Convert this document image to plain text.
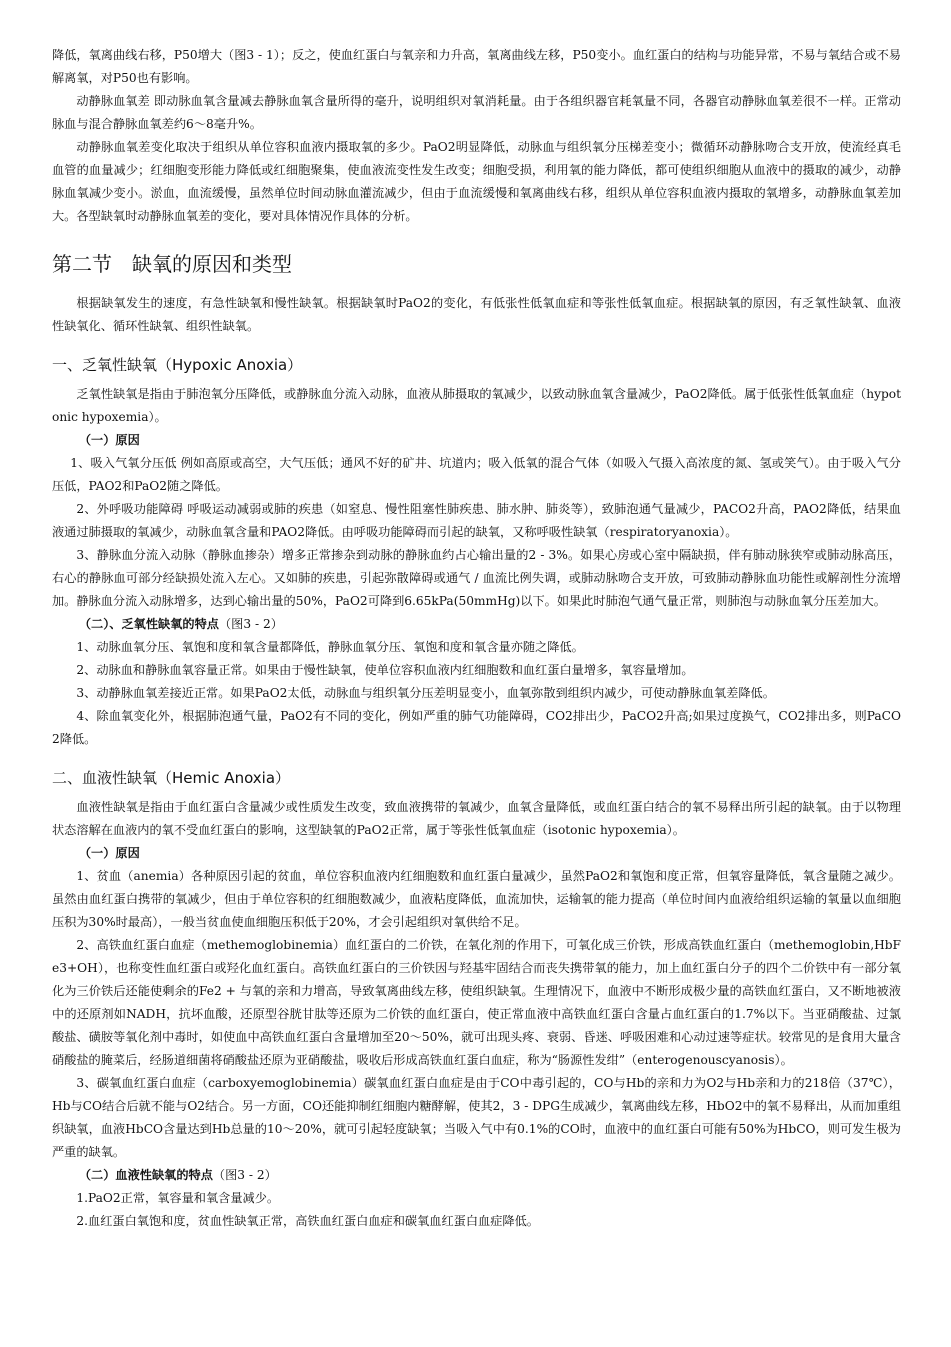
降低，氧离曲线右移，P50增大（图3 - 1）；反之，使血红蛋白与氧亲和力升高，氧离曲线左移，P50变小。血红蛋白的结构与功能异常，不易与氧结合或不易解离氧，对P50也有影响。

动静脉血氧差 即动脉血氧含量减去静脉血氧含量所得的毫升，说明组织对氧消耗量。由于各组织器官耗氧量不同，各器官动静脉血氧差很不一样。正常动脉血与混合静脉血氧差约6～8毫升%。

动静脉血氧差变化取决于组织从单位容积血液内摄取氧的多少。PaO2明显降低，动脉血与组织氧分压梯差变小；微循环动静脉吻合支开放，使流经真毛血管的血量减少；红细胞变形能力降低或红细胞聚集，使血液流变性发生改变；细胞受损，利用氧的能力降低，都可使组织细胞从血液中的摄取的减少，动静脉血氧减少变小。淤血，血流缓慢，虽然单位时间动脉血灌流减少，但由于血流缓慢和氧离曲线右移，组织从单位容积血液内摄取的氧增多，动静脉血氧差加大。各型缺氧时动静脉血氧差的变化，要对具体情况作具体的分析。

第二节　缺氧的原因和类型

根据缺氧发生的速度，有急性缺氧和慢性缺氧。根据缺氧时PaO2的变化，有低张性低氧血症和等张性低氧血症。根据缺氧的原因，有乏氧性缺氧、血液性缺氧化、循环性缺氧、组织性缺氧。

一、乏氧性缺氧（Hypoxic Anoxia）

乏氧性缺氧是指由于肺泡氧分压降低，或静脉血分流入动脉，血液从肺摄取的氧减少，以致动脉血氧含量减少，PaO2降低。属于低张性低氧血症（hypotonic hypoxemia）。

（一）原因

1、吸入气氧分压低 例如高原或高空，大气压低；通风不好的矿井、坑道内；吸入低氧的混合气体（如吸入气摄入高浓度的氮、氢或笑气）。由于吸入气分压低，PAO2和PaO2随之降低。

2、外呼吸功能障碍 呼吸运动减弱或肺的疾患（如窒息、慢性阻塞性肺疾患、肺水肿、肺炎等），致肺泡通气量减少，PACO2升高，PAO2降低，结果血液通过肺摄取的氧减少，动脉血氧含量和PAO2降低。由呼吸功能障碍而引起的缺氧，又称呼吸性缺氧（respiratoryanoxia）。

3、静脉血分流入动脉（静脉血掺杂）增多正常掺杂到动脉的静脉血约占心输出量的2 - 3%。如果心房或心室中隔缺损，伴有肺动脉狭窄或肺动脉高压，右心的静脉血可部分经缺损处流入左心。又如肺的疾患，引起弥散障碍或通气 / 血流比例失调，或肺动脉吻合支开放，可致肺动静脉血功能性或解剖性分流增加。静脉血分流入动脉增多，达到心输出量的50%，PaO2可降到6.65kPa(50mmHg)以下。如果此时肺泡气通气量正常，则肺泡与动脉血氧分压差加大。

（二）、乏氧性缺氧的特点（图3 - 2）

1、动脉血氧分压、氧饱和度和氧含量都降低，静脉血氧分压、氧饱和度和氧含量亦随之降低。

2、动脉血和静脉血氧容量正常。如果由于慢性缺氧，使单位容积血液内红细胞数和血红蛋白量增多，氧容量增加。

3、动静脉血氧差接近正常。如果PaO2太低，动脉血与组织氧分压差明显变小，血氧弥散到组织内减少，可使动静脉血氧差降低。

4、除血氧变化外，根据肺泡通气量，PaO2有不同的变化，例如严重的肺气功能障碍，CO2排出少，PaCO2升高;如果过度换气，CO2排出多，则PaCO2降低。

二、血液性缺氧（Hemic Anoxia）

血液性缺氧是指由于血红蛋白含量减少或性质发生改变，致血液携带的氧减少，血氧含量降低，或血红蛋白结合的氧不易释出所引起的缺氧。由于以物理状态溶解在血液内的氧不受血红蛋白的影响，这型缺氧的PaO2正常，属于等张性低氧血症（isotonic hypoxemia）。

（一）原因

1、贫血（anemia）各种原因引起的贫血，单位容积血液内红细胞数和血红蛋白量减少，虽然PaO2和氧饱和度正常，但氧容量降低，氧含量随之减少。虽然由血红蛋白携带的氧减少，但由于单位容积的红细胞数减少，血液粘度降低，血流加快，运输氧的能力提高（单位时间内血液给组织运输的氧量以血细胞压积为30%时最高），一般当贫血使血细胞压积低于20%，才会引起组织对氧供给不足。

2、高铁血红蛋白血症（methemoglobinemia）血红蛋白的二价铁，在氧化剂的作用下，可氧化成三价铁，形成高铁血红蛋白（methemoglobin,HbFe3+OH），也称变性血红蛋白或羟化血红蛋白。高铁血红蛋白的三价铁因与羟基牢固结合而丧失携带氧的能力，加上血红蛋白分子的四个二价铁中有一部分氧化为三价铁后还能使剩余的Fe2 + 与氧的亲和力增高，导致氧离曲线左移，使组织缺氧。生理情况下，血液中不断形成极少量的高铁血红蛋白，又不断地被液中的还原剂如NADH，抗坏血酸，还原型谷胱甘肽等还原为二价铁的血红蛋白，使正常血液中高铁血红蛋白含量占血红蛋白的1.7%以下。当亚硝酸盐、过氯酸盐、磺胺等氧化剂中毒时，如使血中高铁血红蛋白含量增加至20～50%，就可出现头疼、衰弱、昏迷、呼吸困难和心动过速等症状。较常见的是食用大量含硝酸盐的腌菜后，经肠道细菌将硝酸盐还原为亚硝酸盐，吸收后形成高铁血红蛋白血症，称为“肠源性发绀”（enterogenouscyanosis）。

3、碳氧血红蛋白血症（carboxyemoglobinemia）碳氧血红蛋白血症是由于CO中毒引起的，CO与Hb的亲和力为O2与Hb亲和力的218倍（37℃），Hb与CO结合后就不能与O2结合。另一方面，CO还能抑制红细胞内糖酵解，使其2，3 - DPG生成减少，氧离曲线左移，HbO2中的氧不易释出，从而加重组织缺氧，血液HbCO含量达到Hb总量的10～20%，就可引起轻度缺氧；当吸入气中有0.1%的CO时，血液中的血红蛋白可能有50%为HbCO，则可发生极为严重的缺氧。

（二）血液性缺氧的特点（图3 - 2）

1.PaO2正常，氧容量和氧含量减少。

2.血红蛋白氧饱和度，贫血性缺氧正常，高铁血红蛋白血症和碳氧血红蛋白血症降低。
